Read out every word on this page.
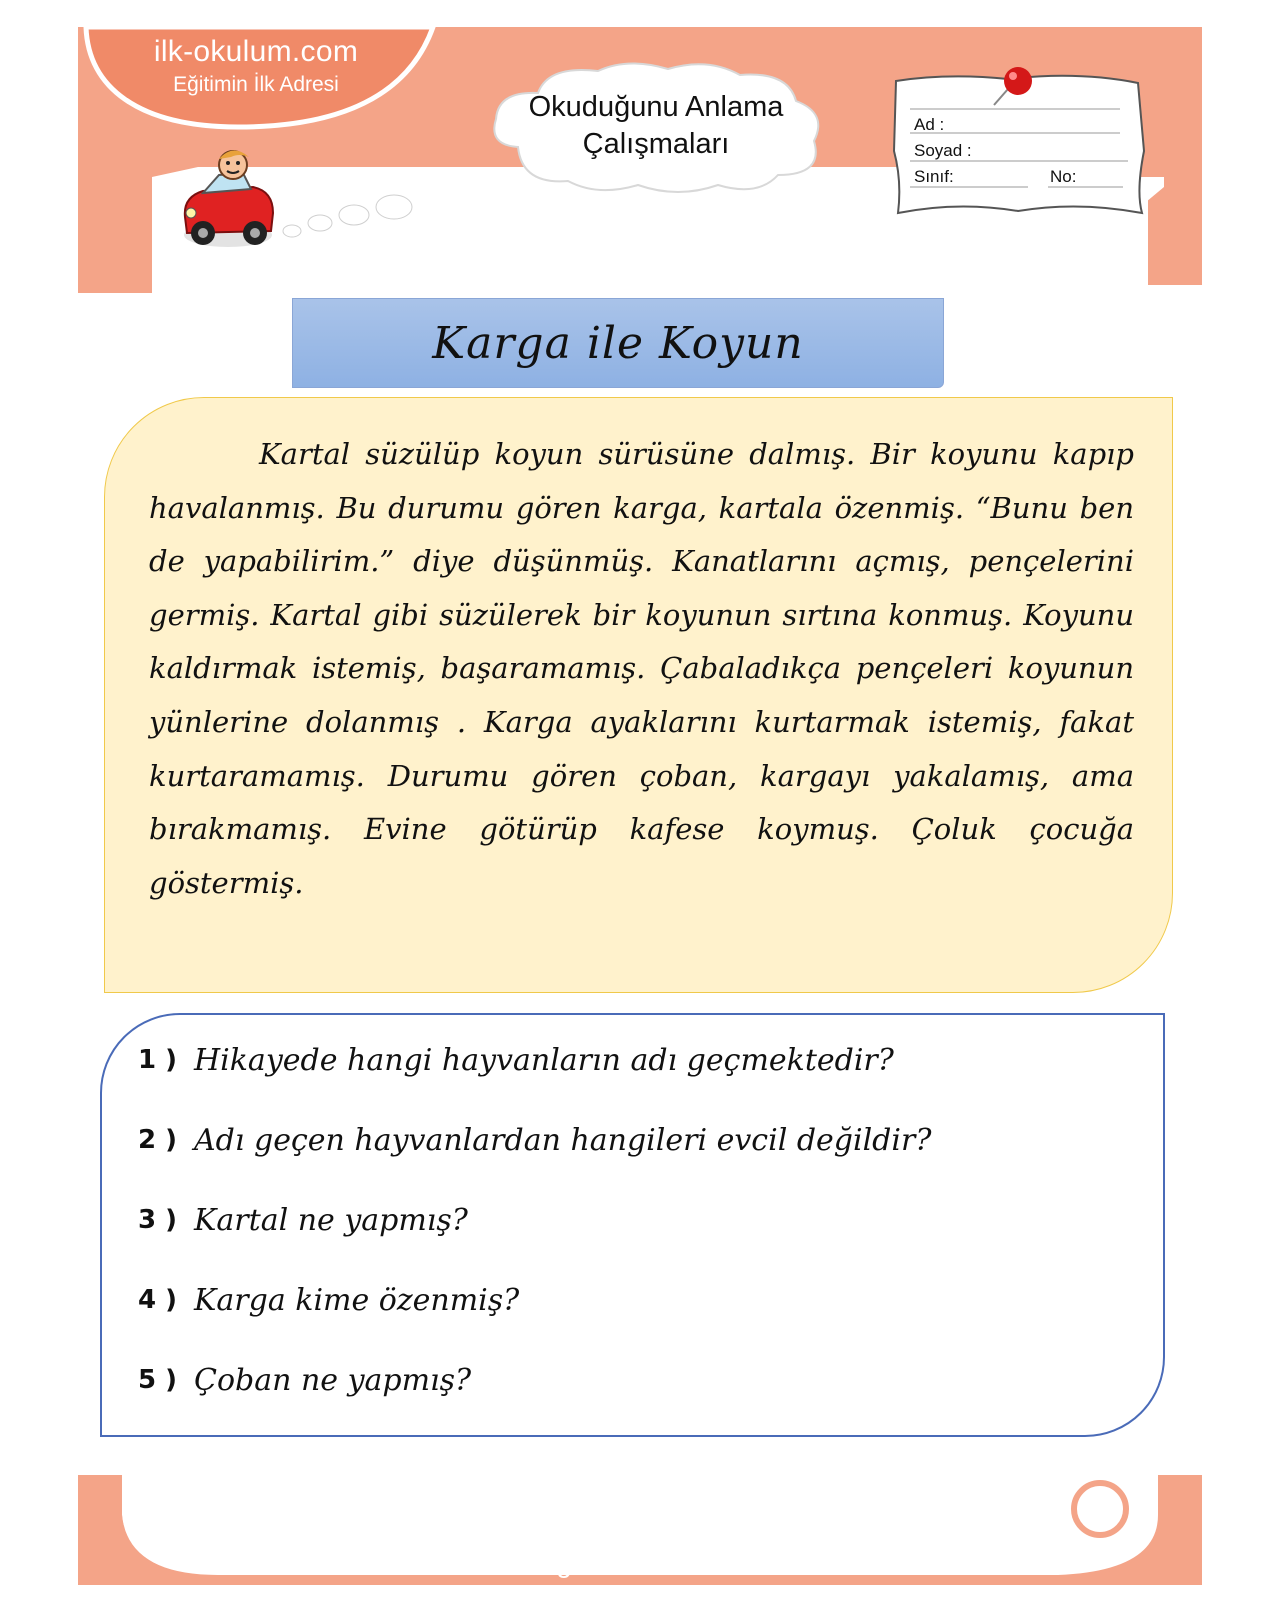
ilk-okulum.com
Eğitimin İlk Adresi
Okuduğunu Anlama
Çalışmaları
Ad :
Soyad :
Sınıf:	No:
Karga ile Koyun
Kartal süzülüp koyun sürüsüne dalmış. Bir koyunu kapıp havalanmış. Bu durumu gören karga, kartala özenmiş. “Bunu ben de yapabilirim.” diye düşünmüş. Kanatlarını açmış, pençelerini germiş. Kartal gibi süzülerek bir koyunun sırtına konmuş. Koyunu kaldırmak istemiş, başaramamış. Çabaladıkça pençeleri koyunun yünlerine dolanmış . Karga ayaklarını kurtarmak istemiş, fakat kurtaramamış. Durumu gören çoban, kargayı yakalamış, ama bırakmamış. Evine götürüp kafese koymuş. Çoluk çocuğa göstermiş.
1 ) Hikayede hangi hayvanların adı geçmektedir?
2 ) Adı geçen hayvanlardan hangileri evcil değildir?
3 ) Kartal ne yapmış?
4 ) Karga kime özenmiş?
5 ) Çoban ne yapmış?
ilk-okulum.com
Eğitimin İlk Adresi
